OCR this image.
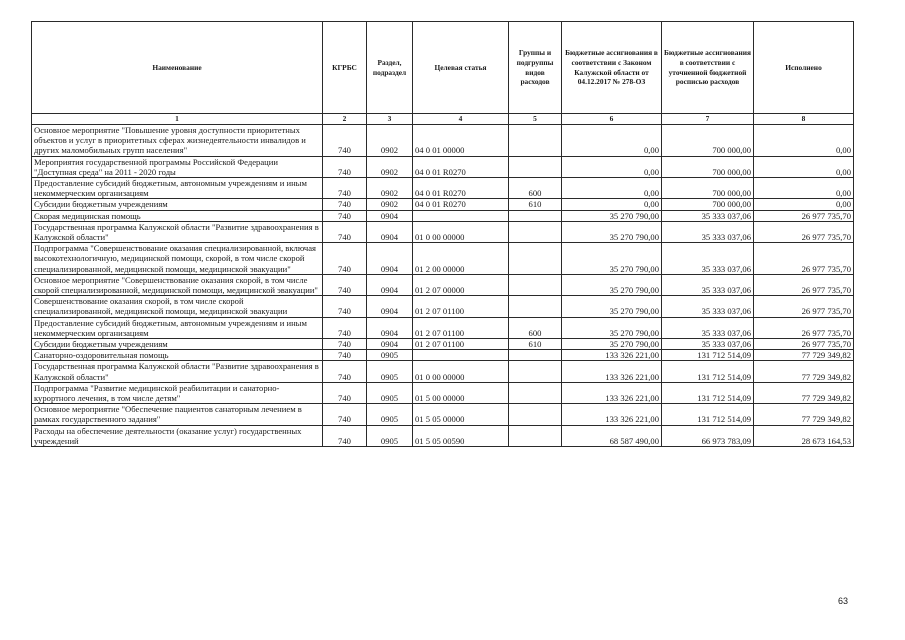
Наименование	КГРБС	Раздел, подраздел	Целевая статья	Группы и подгруппы видов расходов	Бюджетные ассигнования в соответствии с Законом Калужской области от 04.12.2017 № 278-ОЗ	Бюджетные ассигнования в соответствии с уточненной бюджетной росписью расходов	Исполнено
1	2	3	4	5	6	7	8
Основное мероприятие "Повышение уровня доступности приоритетных объектов и услуг в приоритетных сферах жизнедеятельности инвалидов и других маломобильных групп населения"	740	0902	04 0 01 00000		0,00	700 000,00	0,00
Мероприятия государственной программы Российской Федерации "Доступная среда" на 2011 - 2020 годы	740	0902	04 0 01 R0270		0,00	700 000,00	0,00
Предоставление субсидий бюджетным, автономным учреждениям и иным некоммерческим организациям	740	0902	04 0 01 R0270	600	0,00	700 000,00	0,00
Субсидии бюджетным учреждениям	740	0902	04 0 01 R0270	610	0,00	700 000,00	0,00
Скорая медицинская помощь	740	0904			35 270 790,00	35 333 037,06	26 977 735,70
Государственная программа Калужской области "Развитие здравоохранения в Калужской области"	740	0904	01 0 00 00000		35 270 790,00	35 333 037,06	26 977 735,70
Подпрограмма "Совершенствование оказания специализированной, включая высокотехнологичную, медицинской помощи, скорой, в том числе скорой специализированной, медицинской помощи, медицинской эвакуации"	740	0904	01 2 00 00000		35 270 790,00	35 333 037,06	26 977 735,70
Основное мероприятие "Совершенствование оказания скорой, в том числе скорой специализированной, медицинской помощи, медицинской эвакуации"	740	0904	01 2 07 00000		35 270 790,00	35 333 037,06	26 977 735,70
Совершенствование оказания скорой, в том числе скорой специализированной, медицинской помощи, медицинской эвакуации	740	0904	01 2 07 01100		35 270 790,00	35 333 037,06	26 977 735,70
Предоставление субсидий бюджетным, автономным учреждениям и иным некоммерческим организациям	740	0904	01 2 07 01100	600	35 270 790,00	35 333 037,06	26 977 735,70
Субсидии бюджетным учреждениям	740	0904	01 2 07 01100	610	35 270 790,00	35 333 037,06	26 977 735,70
Санаторно-оздоровительная помощь	740	0905			133 326 221,00	131 712 514,09	77 729 349,82
Государственная программа Калужской области "Развитие здравоохранения в Калужской области"	740	0905	01 0 00 00000		133 326 221,00	131 712 514,09	77 729 349,82
Подпрограмма "Развитие медицинской реабилитации и санаторно-курортного лечения, в том числе детям"	740	0905	01 5 00 00000		133 326 221,00	131 712 514,09	77 729 349,82
Основное мероприятие "Обеспечение пациентов санаторным лечением в рамках государственного задания"	740	0905	01 5 05 00000		133 326 221,00	131 712 514,09	77 729 349,82
Расходы на обеспечение деятельности (оказание услуг) государственных учреждений	740	0905	01 5 05 00590		68 587 490,00	66 973 783,09	28 673 164,53
63
